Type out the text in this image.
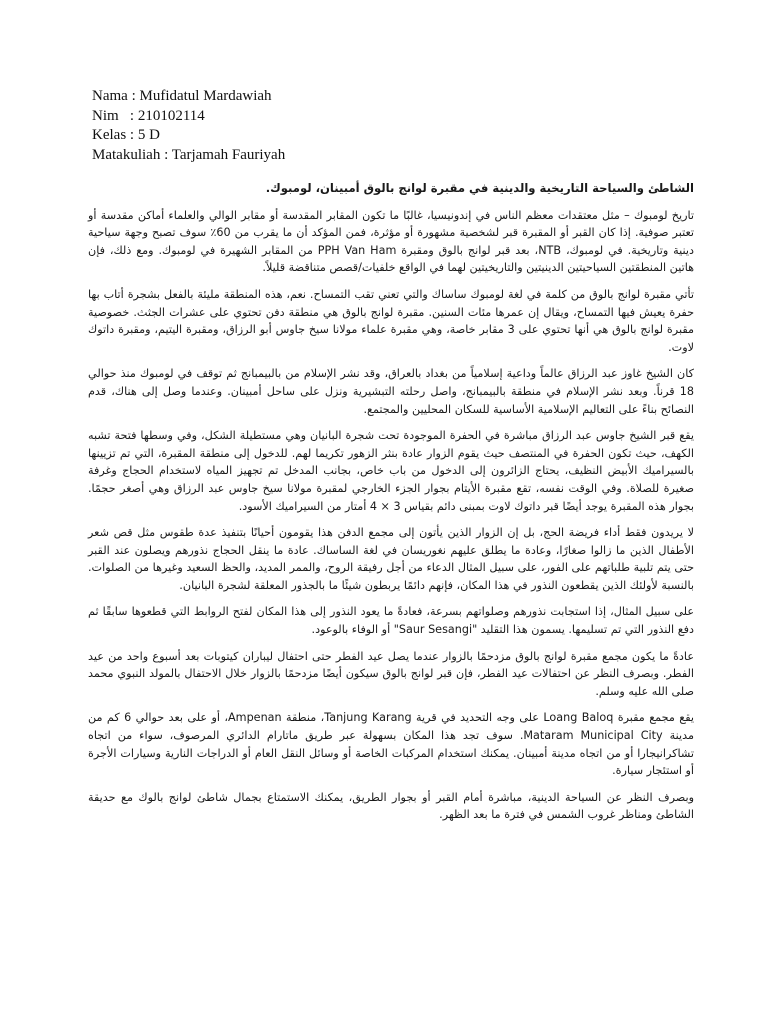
Nama : Mufidatul Mardawiah
Nim   : 210102114
Kelas : 5 D
Matakuliah : Tarjamah Fauriyah
الشاطئ والسياحة التاريخية والدينية في مقبرة لوانج بالوق أمبينان، لومبوك.

تاريخ لومبوك – مثل معتقدات معظم الناس في إندونيسيا، غالبًا ما تكون المقابر المقدسة أو مقابر الوالي والعلماء أماكن مقدسة أو تعتبر صوفية. إذا كان القبر أو المقبرة قبر لشخصية مشهورة أو مؤثرة، فمن المؤكد أن ما يقرب من 60٪ سوف تصبح وجهة سياحية دينية وتاريخية. في لومبوك، NTB، بعد قبر لوانج بالوق ومقبرة PPH Van Ham من المقابر الشهيرة في لومبوك. ومع ذلك، فإن هاتين المنطقتين السياحيتين الدينيتين والتاريخيتين لهما في الواقع خلفيات/قصص متناقضة قليلاً.

تأتي مقبرة لوانج بالوق من كلمة في لغة لومبوك ساساك والتي تعني تقب التمساح. نعم، هذه المنطقة مليئة بالفعل بشجرة أتاب بها حفرة يعيش فيها التمساح، ويقال إن عمرها مئات السنين. مقبرة لوانج بالوق هي منطقة دفن تحتوي على عشرات الجثث. خصوصية مقبرة لوانج بالوق هي أنها تحتوي على 3 مقابر خاصة، وهي مقبرة علماء مولانا سيخ جاوس أبو الرزاق، ومقبرة اليتيم، ومقبرة داتوك لاوت.

كان الشيخ غاوز عبد الرزاق عالماً وداعية إسلامياً من بغداد بالعراق، وقد نشر الإسلام من بالبيمبانج ثم توقف في لومبوك منذ حوالي 18 قرناً. وبعد نشر الإسلام في منطقة بالبيمبانج، واصل رحلته التبشيرية ونزل على ساحل أمبينان. وعندما وصل إلى هناك، قدم النصائح بناءً على التعاليم الإسلامية الأساسية للسكان المحليين والمجتمع.

يقع قبر الشيخ جاوس عبد الرزاق مباشرة في الحفرة الموجودة تحت شجرة البانيان وهي مستطيلة الشكل، وفي وسطها فتحة تشبه الكهف، حيث تكون الحفرة في المنتصف حيث يقوم الزوار عادة بنثر الزهور تكريما لهم. للدخول إلى منطقة المقبرة، التي تم تزيينها بالسيراميك الأبيض النظيف، يحتاج الزائرون إلى الدخول من باب خاص، بجانب المدخل تم تجهيز المياه لاستخدام الحجاج وغرفة صغيرة للصلاة. وفي الوقت نفسه، تقع مقبرة الأيتام بجوار الجزء الخارجي لمقبرة مولانا سيخ جاوس عبد الرزاق وهي أصغر حجمًا. بجوار هذه المقبرة يوجد أيضًا قبر داتوك لاوت بمبنى دائم بقياس 3 × 4 أمتار من السيراميك الأسود.

لا يريدون فقط أداء فريضة الحج، بل إن الزوار الذين يأتون إلى مجمع الدفن هذا يقومون أحيانًا بتنفيذ عدة طقوس مثل قص شعر الأطفال الذين ما زالوا صغارًا، وعادة ما يطلق عليهم نغوريسان في لغة الساساك. عادة ما ينقل الحجاج نذورهم ويصلون عند القبر حتى يتم تلبية طلباتهم على الفور، على سبيل المثال الدعاء من أجل رفيقة الروح، والممر المديد، والحظ السعيد وغيرها من الصلوات. بالنسبة لأولئك الذين يقطعون النذور في هذا المكان، فإنهم دائمًا يربطون شيئًا ما بالجذور المعلقة لشجرة البانيان.

على سبيل المثال، إذا استجابت نذورهم وصلواتهم بسرعة، فعادةً ما يعود النذور إلى هذا المكان لفتح الروابط التي قطعوها سابقًا ثم دفع النذور التي تم تسليمها. يسمون هذا التقليد "Saur Sesangi" أو الوفاء بالوعود.

عادةً ما يكون مجمع مقبرة لوانج بالوق مزدحمًا بالزوار عندما يصل عيد الفطر حتى احتفال ليباران كيتوبات بعد أسبوع واحد من عيد الفطر. وبصرف النظر عن احتفالات عيد الفطر، فإن قبر لوانج بالوق سيكون أيضًا مزدحمًا بالزوار خلال الاحتفال بالمولد النبوي محمد صلى الله عليه وسلم.

يقع مجمع مقبرة Loang Baloq على وجه التحديد في قرية Tanjung Karang، منطقة Ampenan، أو على بعد حوالي 6 كم من مدينة Mataram Municipal City. سوف تجد هذا المكان بسهولة عبر طريق ماتارام الدائري المرصوف، سواء من اتجاه تشاكرانيجارا أو من اتجاه مدينة أمبينان. يمكنك استخدام المركبات الخاصة أو وسائل النقل العام أو الدراجات النارية وسيارات الأجرة أو استئجار سيارة.

وبصرف النظر عن السياحة الدينية، مباشرة أمام القبر أو بجوار الطريق، يمكنك الاستمتاع بجمال شاطئ لوانج بالوك مع حديقة الشاطئ ومناظر غروب الشمس في فترة ما بعد الظهر.
